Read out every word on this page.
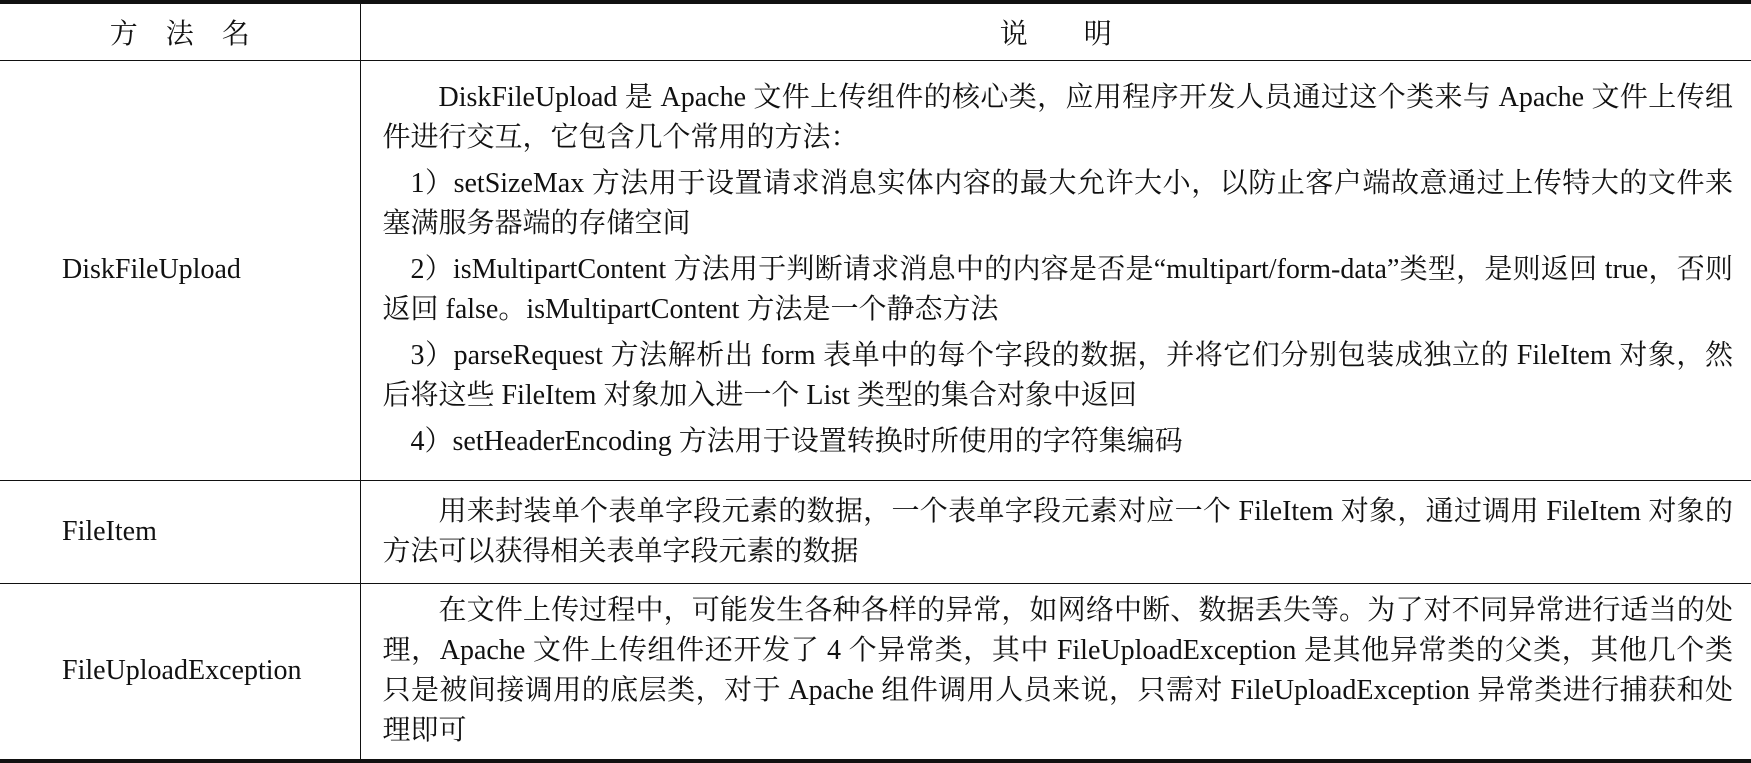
方　法　名	说　　明
DiskFileUpload	DiskFileUpload 是 Apache 文件上传组件的核心类，应用程序开发人员通过这个类来与 Apache 文件上传组件进行交互，它包含几个常用的方法：

1）setSizeMax 方法用于设置请求消息实体内容的最大允许大小，以防止客户端故意通过上传特大的文件来塞满服务器端的存储空间

2）isMultipartContent 方法用于判断请求消息中的内容是否是“multipart/form-data”类型，是则返回 true，否则返回 false。isMultipartContent 方法是一个静态方法

3）parseRequest 方法解析出 form 表单中的每个字段的数据，并将它们分别包装成独立的 FileItem 对象，然后将这些 FileItem 对象加入进一个 List 类型的集合对象中返回

4）setHeaderEncoding 方法用于设置转换时所使用的字符集编码

FileItem	用来封装单个表单字段元素的数据，一个表单字段元素对应一个 FileItem 对象，通过调用 FileItem 对象的方法可以获得相关表单字段元素的数据

FileUploadException	在文件上传过程中，可能发生各种各样的异常，如网络中断、数据丢失等。为了对不同异常进行适当的处理，Apache 文件上传组件还开发了 4 个异常类，其中 FileUploadException 是其他异常类的父类，其他几个类只是被间接调用的底层类，对于 Apache 组件调用人员来说，只需对 FileUploadException 异常类进行捕获和处理即可
